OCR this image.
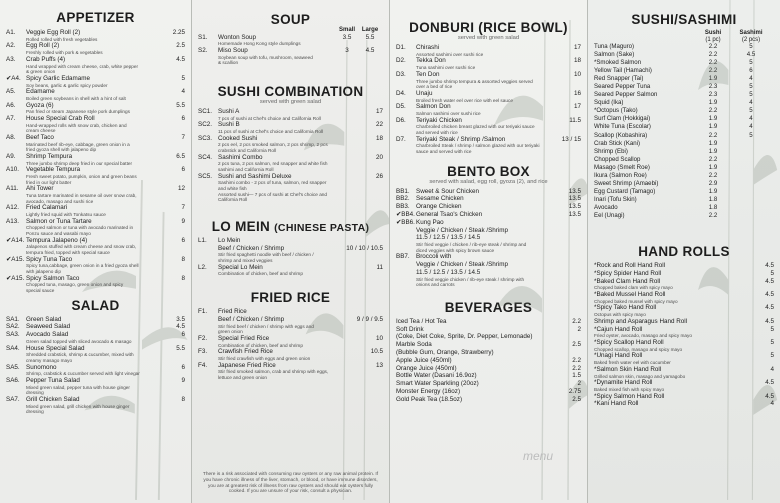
APPETIZER
A1.	Veggie Egg Roll (2)	2.25
Rolled rolled with fresh vegetables
A2.	Egg Roll (2)	2.5
Freshly rolled with pork & vegetables
A3.	Crab Puffs (4)	4.5
Hand wrapped with cream cheese, crab, white pepper
& green onion
✔A4. Spicy Garlic Edamame	5
Soy beans, garlic & garlic spicy powder
A5.	Edamame	4
Boiled green soybeans in shell with a hint of salt
A6.	Gyoza (6)	5.5
Pan fried or steam Japanese style pork dumplings
A7.	House Special Crab Roll	6
Hand-wrapped rolls with snow crab, chicken and
cream cheese
A8.	Beef Taco	7
Marinated beef rib-eye, cabbage, green onion in a
fried gyoza shell with jalapeno dip
A9.	Shrimp Tempura	6.5
Three jumbo shrimp deep fried in our special batter
A10.	Vegetable Tempura	6
Fresh sweet potato, pumpkin, onion and green beans
fried in our light batter
A11.	Ahi Tower	12
Tuna tartare marinated in sesame oil over snow crab,
avocado, masago and sushi rice
A12.	Fried Calamari	7
Lightly fried squid with Tonkatsu sauce
A13.	Salmon or Tuna Tartare	9
Chopped salmon or tuna with avocado marinated in
Ponzu sauce and wasabi mayo
✔A14. Tempura Jalapeno (4)	6
Jalapenos stuffed with cream cheese and snow crab,
tempura fried, topped with special sauce
✔A15. Spicy Tuna Taco	8
Spicy tuna,cabbage, green onion in a fried gyoza shell
with jalapeno dip
✔A15. Spicy Salmon Taco	8
Chopped tuna, masago, green onion and spicy
special sauce
SALAD
SA1.	Green Salad	3.5
SA2.	Seaweed Salad	4.5
SA3.	Avocado Salad	6
Green salad topped with sliced avocado & masago
SA4.	House Special Salad	5.5
Shredded crabstick, shrimp & cucumber, mixed with
creamy masago mayo
SA5.	Sunomono	6
Shrimp, crabstick & cucumber served with light vinegar
SA6.	Pepper Tuna Salad	9
Mixed green salad, pepper tuna with house ginger
dressing
SA7.	Grill Chicken Salad	8
Mixed green salad, grill chicken with house ginger
dressing
SOUP
Small	Large
S1.	Wonton Soup	3.5	5.5
Homemade Hong Kong style dumplings
S2.	Miso Soup	3	4.5
Soybean soup with tofu, mushroom, seaweed
& scallion
SUSHI COMBINATION

served with green salad

SC1. Sushi A	17
7 pcs of sushi at Chef's choice and California Roll
SC2. Sushi B	22
11 pcs of sushi at Chef's choice and California Roll
SC3. Cooked Sushi	18
2 pcs eel, 2 pcs smoked salmon, 2 pcs shrimp, 2 pcs
crabstick and California Roll
SC4. Sashimi Combo	20
2 pcs tuna, 2 pcs salmon, red snapper and white fish
sashimi and California Roll
SC5. Sushi and Sashimi Deluxe	26
Sashimi combo - 2 pcs of tuna, salmon, red snapper
and white fish
Assorted sushi— 7 pcs of sushi at Chef's choice and
California Roll
LO MEIN (CHINESE PASTA)
L1.	Lo Mein
Beef / Chicken / Shrimp	10 / 10 / 10.5
Stir fried spaghetti noodle with beef / chicken /
shrimp and mixed veggies
L2.	Special Lo Mein	11
Combination of chicken, beef and shrimp
FRIED RICE
F1.	Fried Rice
Beef / Chicken / Shrimp	9 / 9 / 9.5
Stir fried beef / chicken / shrimp with eggs and
green onion
F2.	Special Fried Rice	10
Combination of chicken, beef and shrimp
F3.	Crawfish Fried Rice	10.5
Stir fried crawfish with eggs and green onion
F4.	Japanese Fried Rice	13
Stir fried smoked salmon, crab and shrimp with eggs,
lettuce and green onion

There is a risk associated with consuming raw oysters or any raw animal protein. If you have chronic illness of the liver, stomach, or blood, or have immune disorders, you are at greatest risk of illness from raw oysters and should eat oysters fully cooked. If you are unsure of your risk, consult a physician.

DONBURI (RICE BOWL)

served with green salad

D1.	Chirashi	17
Assorted sashimi over sushi rice
D2.	Tekka Don	18
Tuna sashimi over sushi rice
D3.	Ten Don	10
Three jumbo shrimp tempura & assorted veggies served
over a bed of rice
D4.	Unaju	16
Broiled fresh water eel over rice with eel sauce
D5.	Salmon Don	17
Salmon sashimi over sushi rice
D6.	Teriyaki Chicken	11.5
Charbroiled chicken breast glazed with our teriyaki sauce
and served with rice
D7.	Teriyaki Steak / Shrimp /Salmon	13 / 15
Charbroiled Steak / shrimp / salmon glazed with our teriyaki
sauce and served with rice
BENTO BOX

served with salad, egg roll, gyoza (2), and rice

BB1.	Sweet & Sour Chicken	13.5
BB2.	Sesame Chicken	13.5
BB3.	Orange Chicken	13.5
✔BB4. General Tsao's Chicken	13.5
✔BB6. Kung Pao
Veggie / Chicken / Steak /Shrimp
11.5 / 12.5 / 13.5 / 14.5
Stir fried veggie / chicken / rib-eye steak / shrimp and
diced veggies with spicy brown sauce
BB7.	Broccoli with
Veggie / Chicken / Steak /Shrimp
11.5 / 12.5 / 13.5 / 14.5
Stir fried veggie chicken / rib-eye steak / shrimp with
onions and carrots
BEVERAGES
Iced Tea / Hot Tea	2.2
Soft Drink	2
(Coke, Diet Coke, Sprite, Dr. Pepper, Lemonade)
Marble Soda	2.5
(Bubble Gum, Orange, Strawberry)
Apple Juice (450ml)	2.2
Orange Juice (450ml)	2.2
Bottle Water (Dasani 16.9oz)	1.5
Smart Water Sparkling (20oz)	2
Monster Energy (16oz)	2.75
Gold Peak Tea (18.5oz)	2.5
menu
SUSHI/SASHIMI
Sushi
(1 pc)
Sashimi
(2 pcs)
Tuna (Maguro)	2.2	5
Salmon (Sake)	2.2	4.5
*Smoked Salmon	2.2	5
Yellow Tail (Hamachi)	2.2	6
Red Snapper (Tai)	1.9	4
Seared Pepper Tuna	2.3	5
Seared Pepper Salmon	2.3	5
Squid (Ika)	1.9	4
*Octopus (Tako)	2.2	5
Surf Clam (Hokkigai)	1.9	4
White Tuna (Escolar)	1.9	4
Scallop (Kobashira)	2.2	5
Crab Stick (Kani)	1.9
Shrimp (Ebi)	1.9
Chopped Scallop	2.2
Masago (Smelt Roe)	1.9
Ikura (Salmon Roe)	2.2
Sweet Shrimp (Amaebi)	2.9
Egg Custard (Tamago)	1.9
Inari (Tofu Skin)	1.8
Avocado	1.8
Eel (Unagi)	2.2
HAND ROLLS
*Rock and Roll Hand Roll	4.5
*Spicy Spider Hand Roll	5
*Baked Clam Hand Roll	4.5
Chopped baked clam with spicy mayo
*Baked Mussel Hand Roll	4.5
Chopped baked mussel with spicy mayo
*Spicy Tako Hand Roll	4.5
Octopus with spicy mayo
Shrimp and Asparagus Hand Roll	4.5
*Cajun Hand Roll	5
Fried oyster, avocado, masago and spicy mayo
*Spicy Scallop Hand Roll	5
Chopped scallop, masago and spicy mayo
*Unagi Hand Roll	5
Baked fresh water eel with cucumber
*Salmon Skin Hand Roll	4
Grilled salmon skin, masago and yamagobo
*Dynamite Hand Roll	4.5
Baked mixed fish with spicy mayo
*Spicy Salmon Hand Roll	4.5
*Kani Hand Roll	4
